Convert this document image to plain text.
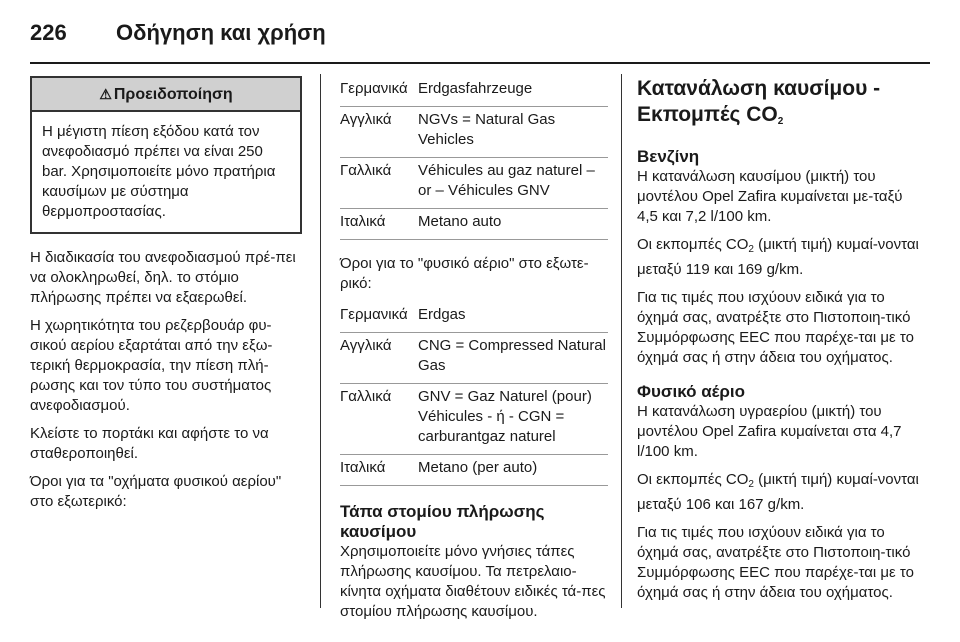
226 Οδήγηση και χρήση
⚠ Προειδοποίηση
Η μέγιστη πίεση εξόδου κατά τον ανεφοδιασμό πρέπει να είναι 250 bar. Χρησιμοποιείτε μόνο πρατήρια καυσίμων με σύστημα θερμοπροστασίας.

Η διαδικασία του ανεφοδιασμού πρέ-πει να ολοκληρωθεί, δηλ. το στόμιο πλήρωσης πρέπει να εξαερωθεί.

Η χωρητικότητα του ρεζερβουάρ φυ-σικού αερίου εξαρτάται από την εξω-τερική θερμοκρασία, την πίεση πλή-ρωσης και τον τύπο του συστήματος ανεφοδιασμού.

Κλείστε το πορτάκι και αφήστε το να σταθεροποιηθεί.

Όροι για τα "οχήματα φυσικού αερίου" στο εξωτερικό:

Γερμανικά	Erdgasfahrzeuge
Αγγλικά	NGVs = Natural Gas Vehicles
Γαλλικά	Véhicules au gaz naturel – or – Véhicules GNV
Ιταλικά	Metano auto

Όροι για το "φυσικό αέριο" στο εξωτε-ρικό:

Γερμανικά	Erdgas
Αγγλικά	CNG = Compressed Natural Gas
Γαλλικά	GNV = Gaz Naturel (pour) Véhicules - ή - CGN = carburantgaz naturel
Ιταλικά	Metano (per auto)
Τάπα στομίου πλήρωσης καυσίμου

Χρησιμοποιείτε μόνο γνήσιες τάπες πλήρωσης καυσίμου. Τα πετρελαιο-κίνητα οχήματα διαθέτουν ειδικές τά-πες στομίου πλήρωσης καυσίμου.

Κατανάλωση καυσίμου -
Εκπομπές $CO_2$
Βενζίνη

Η κατανάλωση καυσίμου (μικτή) του μοντέλου Opel Zafira κυμαίνεται με-ταξύ 4,5 και 7,2 l/100 km.

Οι εκπομπές $CO_2$ (μικτή τιμή) κυμαί-νονται μεταξύ 119 και 169 g/km.

Για τις τιμές που ισχύουν ειδικά για το όχημά σας, ανατρέξτε στο Πιστοποιη-τικό Συμμόρφωσης EEC που παρέχε-ται με το όχημά σας ή στην άδεια του οχήματος.

Φυσικό αέριο

Η κατανάλωση υγραερίου (μικτή) του μοντέλου Opel Zafira κυμαίνεται στα 4,7 l/100 km.

Οι εκπομπές $CO_2$ (μικτή τιμή) κυμαί-νονται μεταξύ 106 και 167 g/km.

Για τις τιμές που ισχύουν ειδικά για το όχημά σας, ανατρέξτε στο Πιστοποιη-τικό Συμμόρφωσης EEC που παρέχε-ται με το όχημά σας ή στην άδεια του οχήματος.
